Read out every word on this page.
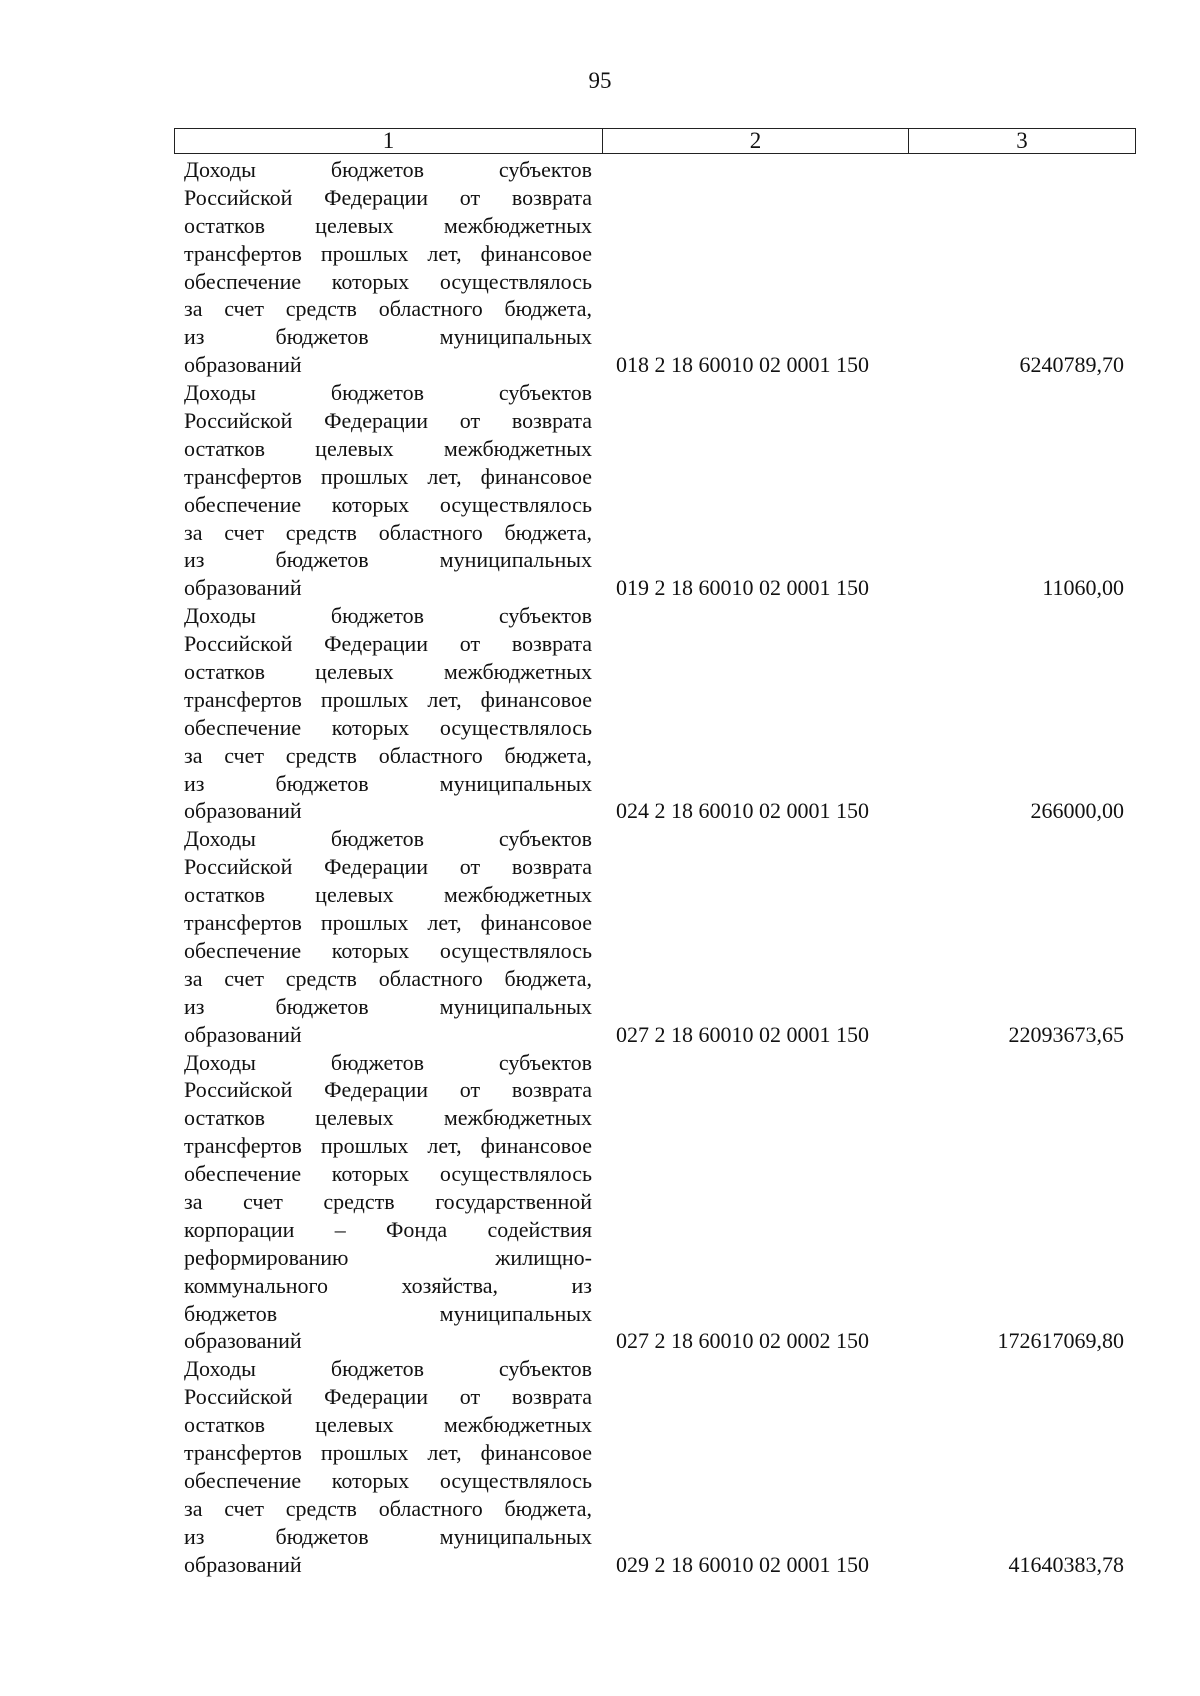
95
1	2	3
Доходы бюджетов субъектов
Российской Федерации от возврата
остатков целевых межбюджетных
трансфертов прошлых лет, финансовое
обеспечение которых осуществлялось
за счет средств областного бюджета,
из бюджетов муниципальных
образований	018 2 18 60010 02 0001 150	6240789,70
Доходы бюджетов субъектов
Российской Федерации от возврата
остатков целевых межбюджетных
трансфертов прошлых лет, финансовое
обеспечение которых осуществлялось
за счет средств областного бюджета,
из бюджетов муниципальных
образований	019 2 18 60010 02 0001 150	11060,00
Доходы бюджетов субъектов
Российской Федерации от возврата
остатков целевых межбюджетных
трансфертов прошлых лет, финансовое
обеспечение которых осуществлялось
за счет средств областного бюджета,
из бюджетов муниципальных
образований	024 2 18 60010 02 0001 150	266000,00
Доходы бюджетов субъектов
Российской Федерации от возврата
остатков целевых межбюджетных
трансфертов прошлых лет, финансовое
обеспечение которых осуществлялось
за счет средств областного бюджета,
из бюджетов муниципальных
образований	027 2 18 60010 02 0001 150	22093673,65
Доходы бюджетов субъектов
Российской Федерации от возврата
остатков целевых межбюджетных
трансфертов прошлых лет, финансовое
обеспечение которых осуществлялось
за счет средств государственной
корпорации – Фонда содействия
реформированию жилищно-
коммунального хозяйства, из
бюджетов муниципальных
образований	027 2 18 60010 02 0002 150	172617069,80
Доходы бюджетов субъектов
Российской Федерации от возврата
остатков целевых межбюджетных
трансфертов прошлых лет, финансовое
обеспечение которых осуществлялось
за счет средств областного бюджета,
из бюджетов муниципальных
образований	029 2 18 60010 02 0001 150	41640383,78
